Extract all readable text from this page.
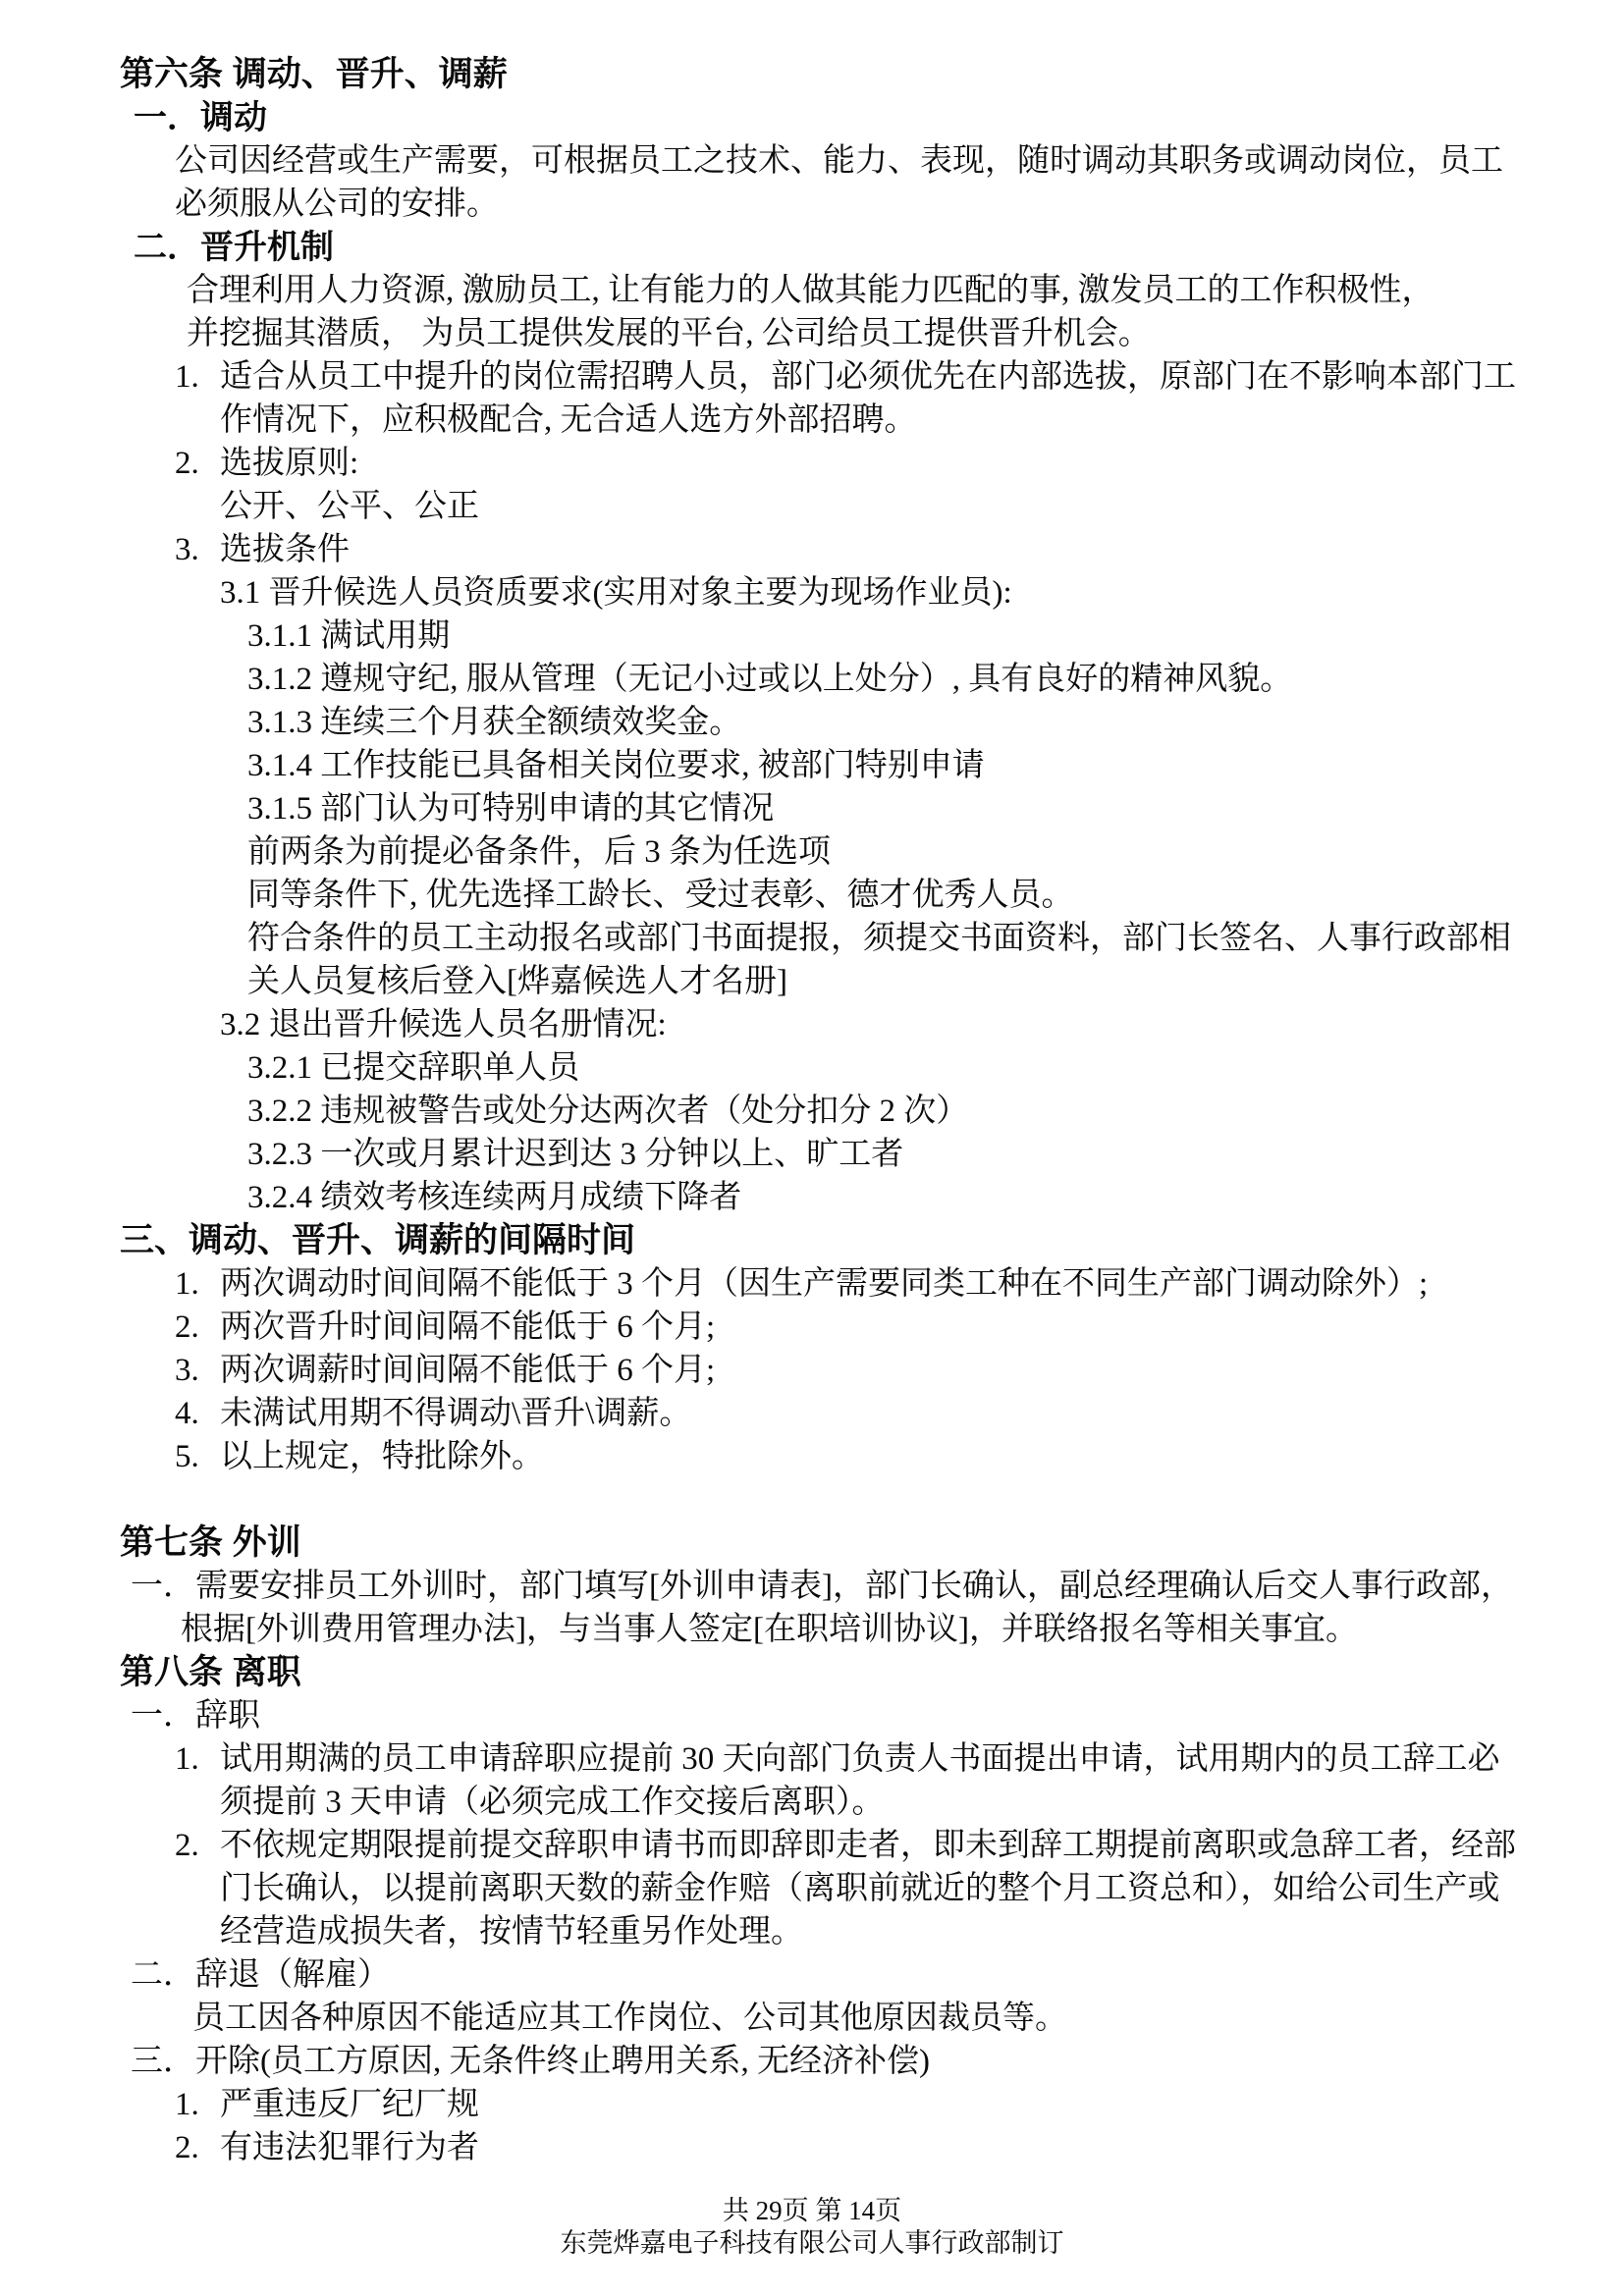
第六条 调动、晋升、调薪
一．调动
公司因经营或生产需要，可根据员工之技术、能力、表现，随时调动其职务或调动岗位，员工
必须服从公司的安排。
二．晋升机制
合理利用人力资源, 激励员工, 让有能力的人做其能力匹配的事, 激发员工的工作积极性，
并挖掘其潜质， 为员工提供发展的平台, 公司给员工提供晋升机会。
1. 适合从员工中提升的岗位需招聘人员，部门必须优先在内部选拔，原部门在不影响本部门工
作情况下，应积极配合, 无合适人选方外部招聘。
2. 选拔原则:
公开、公平、公正
3. 选拔条件
3.1 晋升候选人员资质要求(实用对象主要为现场作业员):
3.1.1 满试用期
3.1.2 遵规守纪, 服从管理（无记小过或以上处分）, 具有良好的精神风貌。
3.1.3 连续三个月获全额绩效奖金。
3.1.4 工作技能已具备相关岗位要求, 被部门特别申请
3.1.5 部门认为可特别申请的其它情况
前两条为前提必备条件，后 3 条为任选项
同等条件下, 优先选择工龄长、受过表彰、德才优秀人员。
符合条件的员工主动报名或部门书面提报，须提交书面资料，部门长签名、人事行政部相
关人员复核后登入[烨嘉候选人才名册]
3.2 退出晋升候选人员名册情况:
3.2.1 已提交辞职单人员
3.2.2 违规被警告或处分达两次者（处分扣分 2 次）
3.2.3 一次或月累计迟到达 3 分钟以上、旷工者
3.2.4 绩效考核连续两月成绩下降者
三、调动、晋升、调薪的间隔时间
1. 两次调动时间间隔不能低于 3 个月（因生产需要同类工种在不同生产部门调动除外）;
2. 两次晋升时间间隔不能低于 6 个月;
3. 两次调薪时间间隔不能低于 6 个月;
4. 未满试用期不得调动\晋升\调薪。
5. 以上规定，特批除外。
第七条 外训
一．需要安排员工外训时，部门填写[外训申请表]，部门长确认，副总经理确认后交人事行政部，
根据[外训费用管理办法]，与当事人签定[在职培训协议]，并联络报名等相关事宜。
第八条 离职
一．辞职
1. 试用期满的员工申请辞职应提前 30 天向部门负责人书面提出申请，试用期内的员工辞工必
须提前 3 天申请（必须完成工作交接后离职）。
2. 不依规定期限提前提交辞职申请书而即辞即走者，即未到辞工期提前离职或急辞工者，经部
门长确认，以提前离职天数的薪金作赔（离职前就近的整个月工资总和），如给公司生产或
经营造成损失者，按情节轻重另作处理。
二．辞退（解雇）
员工因各种原因不能适应其工作岗位、公司其他原因裁员等。
三．开除(员工方原因, 无条件终止聘用关系, 无经济补偿)
1. 严重违反厂纪厂规
2. 有违法犯罪行为者
共 29页 第 14页
东莞烨嘉电子科技有限公司人事行政部制订
